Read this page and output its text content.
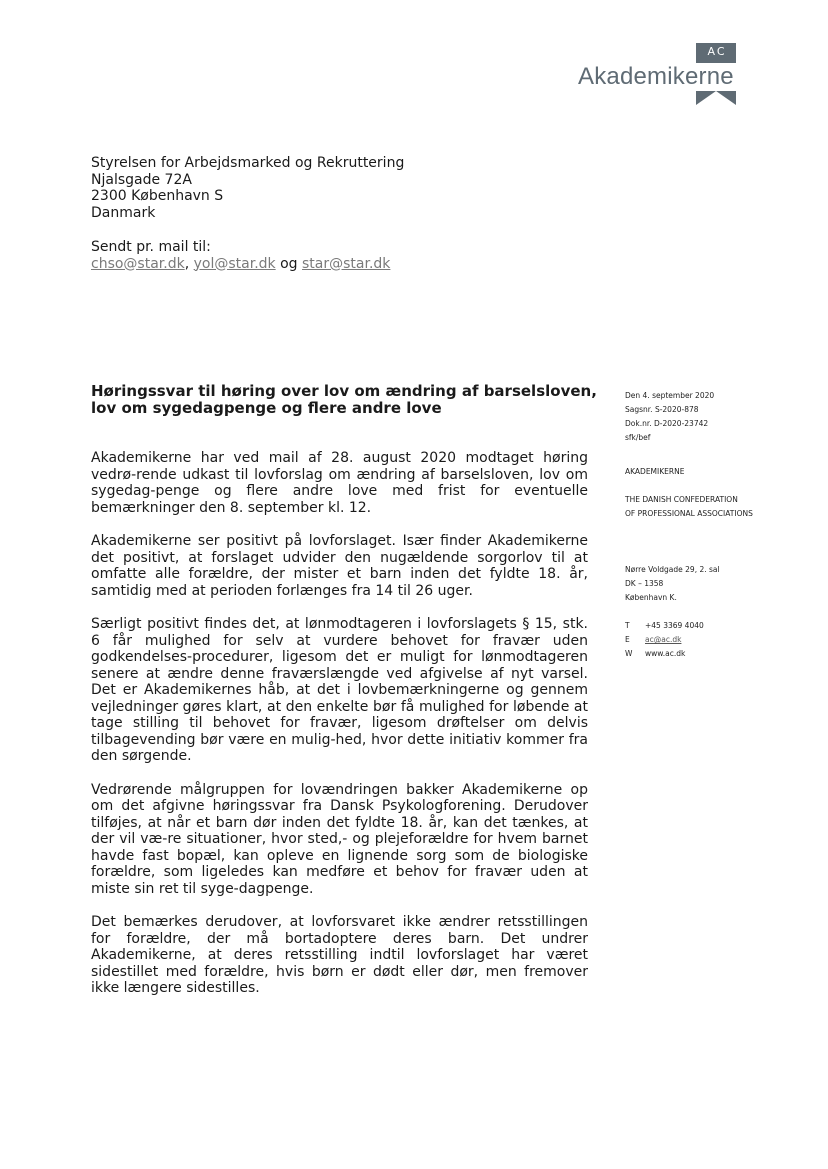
AC
Akademikerne
Styrelsen for Arbejdsmarked og Rekruttering
Njalsgade 72A
2300 København S
Danmark
Sendt pr. mail til:
chso@star.dk, yol@star.dk og star@star.dk
Høringssvar til høring over lov om ændring af barselsloven, lov om sygedagpenge og flere andre love

Akademikerne har ved mail af 28. august 2020 modtaget høring vedrø-rende udkast til lovforslag om ændring af barselsloven, lov om sygedag-penge og flere andre love med frist for eventuelle bemærkninger den 8. september kl. 12.

Akademikerne ser positivt på lovforslaget. Især finder Akademikerne det positivt, at forslaget udvider den nugældende sorgorlov til at omfatte alle forældre, der mister et barn inden det fyldte 18. år, samtidig med at perioden forlænges fra 14 til 26 uger.

Særligt positivt findes det, at lønmodtageren i lovforslagets § 15, stk. 6 får mulighed for selv at vurdere behovet for fravær uden godkendelses-procedurer, ligesom det er muligt for lønmodtageren senere at ændre denne fraværslængde ved afgivelse af nyt varsel. Det er Akademikernes håb, at det i lovbemærkningerne og gennem vejledninger gøres klart, at den enkelte bør få mulighed for løbende at tage stilling til behovet for fravær, ligesom drøftelser om delvis tilbagevending bør være en mulig-hed, hvor dette initiativ kommer fra den sørgende.

Vedrørende målgruppen for lovændringen bakker Akademikerne op om det afgivne høringssvar fra Dansk Psykologforening. Derudover tilføjes, at når et barn dør inden det fyldte 18. år, kan det tænkes, at der vil væ-re situationer, hvor sted,- og plejeforældre for hvem barnet havde fast bopæl, kan opleve en lignende sorg som de biologiske forældre, som ligeledes kan medføre et behov for fravær uden at miste sin ret til syge-dagpenge.

Det bemærkes derudover, at lovforsvaret ikke ændrer retsstillingen for forældre, der må bortadoptere deres barn. Det undrer Akademikerne, at deres retsstilling indtil lovforslaget har været sidestillet med forældre, hvis børn er dødt eller dør, men fremover ikke længere sidestilles.

Den 4. september 2020
Sagsnr. S-2020-878
Dok.nr. D-2020-23742
sfk/bef
AKADEMIKERNE
THE DANISH CONFEDERATION
OF PROFESSIONAL ASSOCIATIONS
Nørre Voldgade 29, 2. sal
DK – 1358
København K.
T +45 3369 4040
E ac@ac.dk
W www.ac.dk
